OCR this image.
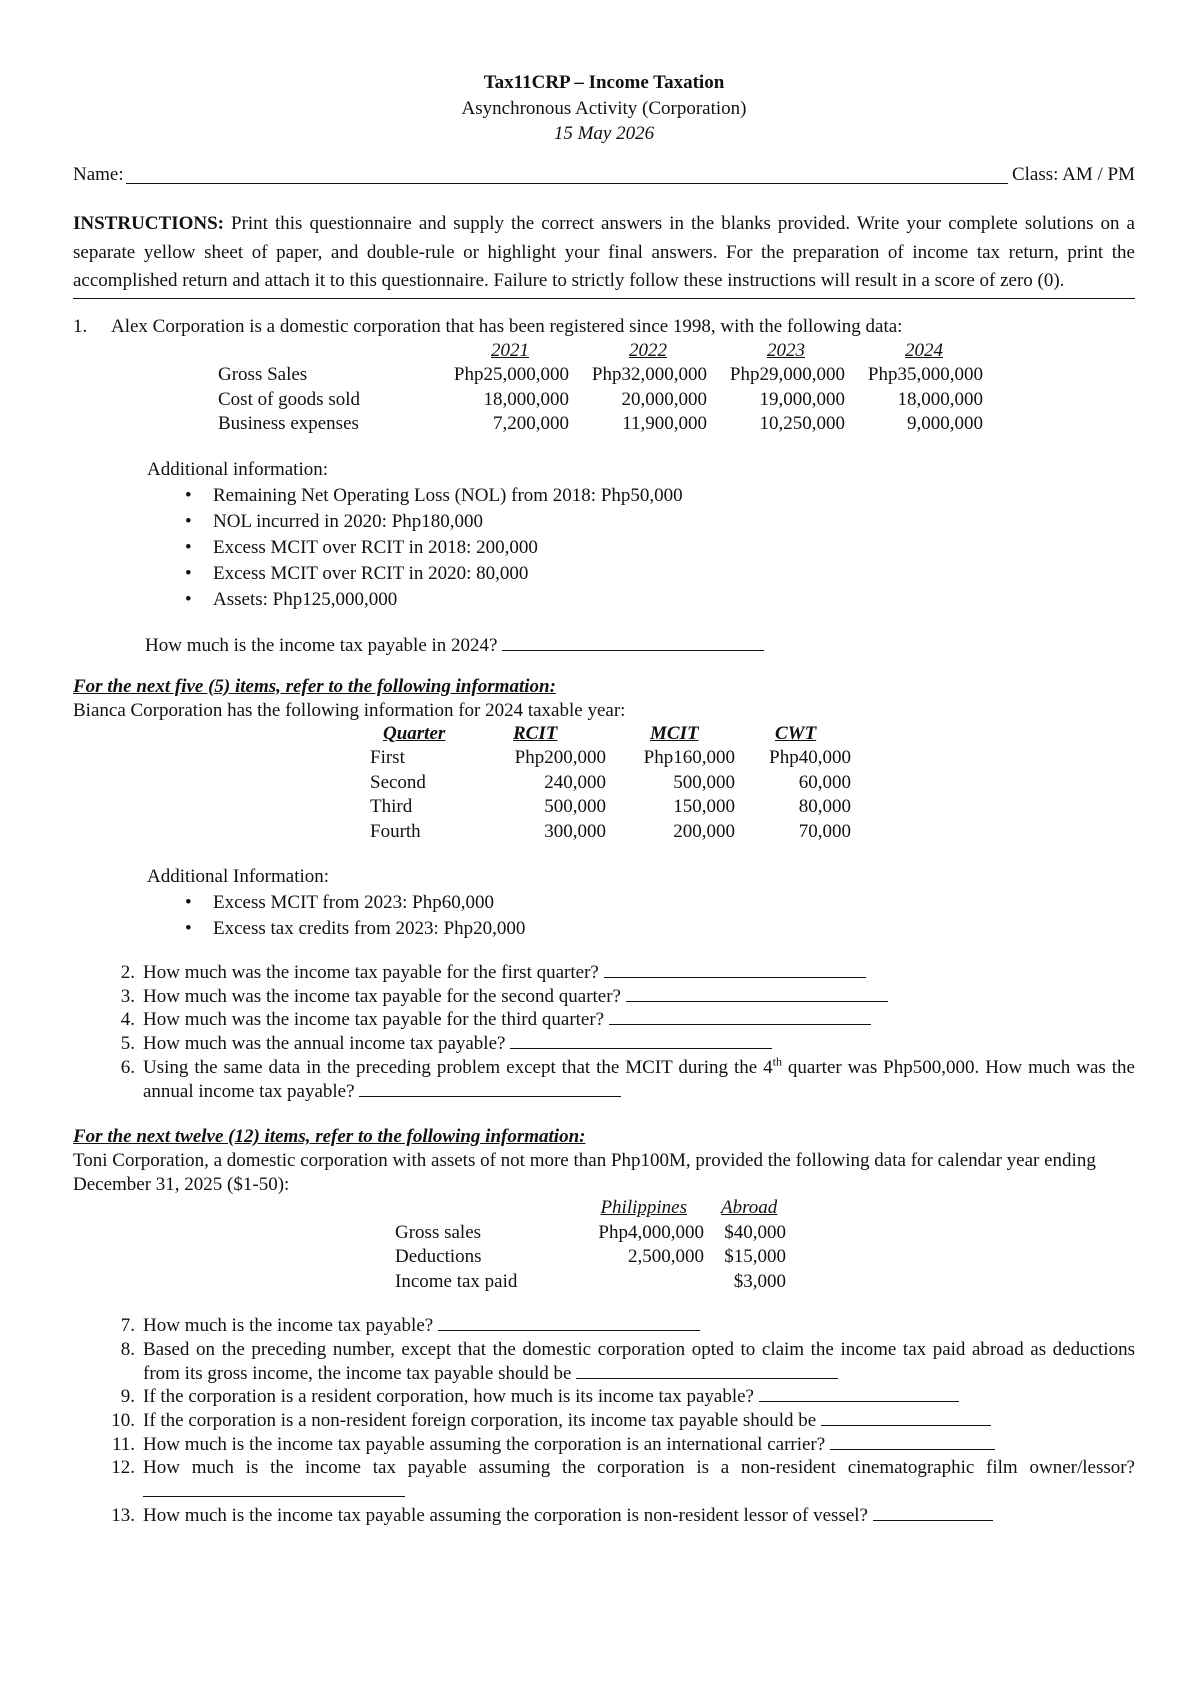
Tax11CRP – Income Taxation
Asynchronous Activity (Corporation)
15 May 2026
Name:	Class: AM / PM
INSTRUCTIONS: Print this questionnaire and supply the correct answers in the blanks provided. Write your complete solutions on a separate yellow sheet of paper, and double-rule or highlight your final answers. For the preparation of income tax return, print the accomplished return and attach it to this questionnaire. Failure to strictly follow these instructions will result in a score of zero (0).
1.	Alex Corporation is a domestic corporation that has been registered since 1998, with the following data:
	2021	2022	2023	2024
Gross Sales	Php25,000,000	Php32,000,000	Php29,000,000	Php35,000,000
Cost of goods sold	18,000,000	20,000,000	19,000,000	18,000,000
Business expenses	7,200,000	11,900,000	10,250,000	9,000,000
Additional information:
• Remaining Net Operating Loss (NOL) from 2018: Php50,000
• NOL incurred in 2020: Php180,000
• Excess MCIT over RCIT in 2018: 200,000
• Excess MCIT over RCIT in 2020: 80,000
• Assets: Php125,000,000
How much is the income tax payable in 2024?
For the next five (5) items, refer to the following information:
Bianca Corporation has the following information for 2024 taxable year:
Quarter	RCIT	MCIT	CWT
First	Php200,000	Php160,000	Php40,000
Second	240,000	500,000	60,000
Third	500,000	150,000	80,000
Fourth	300,000	200,000	70,000
Additional Information:
• Excess MCIT from 2023: Php60,000
• Excess tax credits from 2023: Php20,000
2. How much was the income tax payable for the first quarter?
3. How much was the income tax payable for the second quarter?
4. How much was the income tax payable for the third quarter?
5. How much was the annual income tax payable?
6. Using the same data in the preceding problem except that the MCIT during the 4th quarter was Php500,000. How much was the annual income tax payable?
For the next twelve (12) items, refer to the following information:
Toni Corporation, a domestic corporation with assets of not more than Php100M, provided the following data for calendar year ending December 31, 2025 ($1-50):
	Philippines	Abroad
Gross sales	Php4,000,000	$40,000
Deductions	2,500,000	$15,000
Income tax paid		$3,000
7. How much is the income tax payable?
8. Based on the preceding number, except that the domestic corporation opted to claim the income tax paid abroad as deductions from its gross income, the income tax payable should be
9. If the corporation is a resident corporation, how much is its income tax payable?
10. If the corporation is a non-resident foreign corporation, its income tax payable should be
11. How much is the income tax payable assuming the corporation is an international carrier?
12. How much is the income tax payable assuming the corporation is a non-resident cinematographic film owner/lessor?
13. How much is the income tax payable assuming the corporation is non-resident lessor of vessel?
